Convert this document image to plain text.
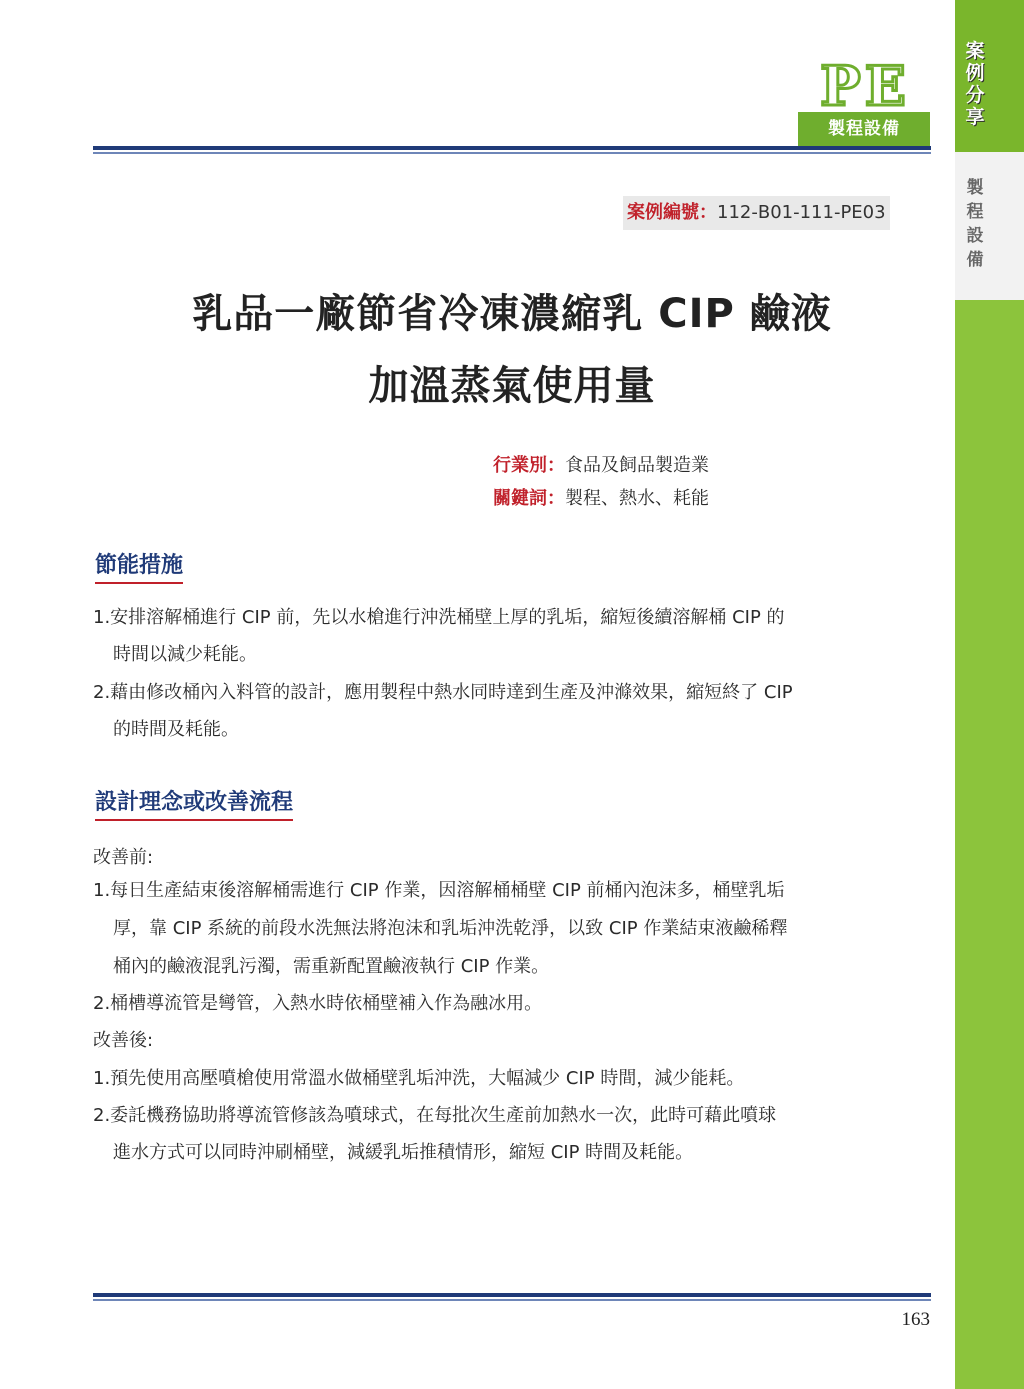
案例分享
製程設備
PE
製程設備
案例編號：112-B01-111-PE03
乳品一廠節省冷凍濃縮乳 CIP 鹼液
加溫蒸氣使用量
行業別：食品及飼品製造業
關鍵詞：製程、熱水、耗能
節能措施
1.安排溶解桶進行 CIP 前，先以水槍進行沖洗桶壁上厚的乳垢，縮短後續溶解桶 CIP 的
時間以減少耗能。
2.藉由修改桶內入料管的設計，應用製程中熱水同時達到生產及沖滌效果，縮短終了 CIP
的時間及耗能。
設計理念或改善流程
改善前:
1.每日生產結束後溶解桶需進行 CIP 作業，因溶解桶桶壁 CIP 前桶內泡沫多，桶壁乳垢
厚，靠 CIP 系統的前段水洗無法將泡沫和乳垢沖洗乾淨，以致 CIP 作業結束液鹼稀釋
桶內的鹼液混乳污濁，需重新配置鹼液執行 CIP 作業。
2.桶槽導流管是彎管，入熱水時依桶壁補入作為融冰用。
改善後:
1.預先使用高壓噴槍使用常溫水做桶壁乳垢沖洗，大幅減少 CIP 時間，減少能耗。
2.委託機務協助將導流管修該為噴球式，在每批次生產前加熱水一次，此時可藉此噴球
進水方式可以同時沖刷桶壁，減緩乳垢推積情形，縮短 CIP 時間及耗能。
163
